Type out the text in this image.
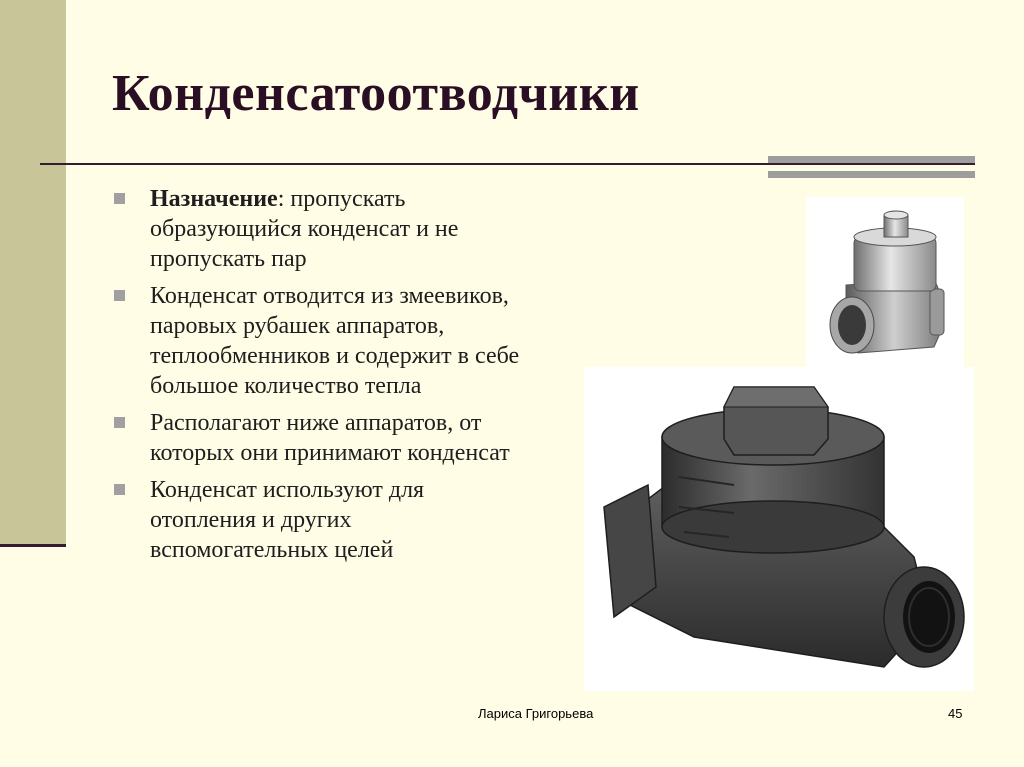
Конденсатоотводчики
Назначение: пропускать образующийся конденсат и не пропускать пар
Конденсат отводится из змеевиков, паровых рубашек аппаратов, теплообменников и содержит в себе большое количество тепла
Располагают ниже аппаратов, от которых они принимают конденсат
Конденсат используют для отопления и других вспомогательных целей
Лариса Григорьева	45
